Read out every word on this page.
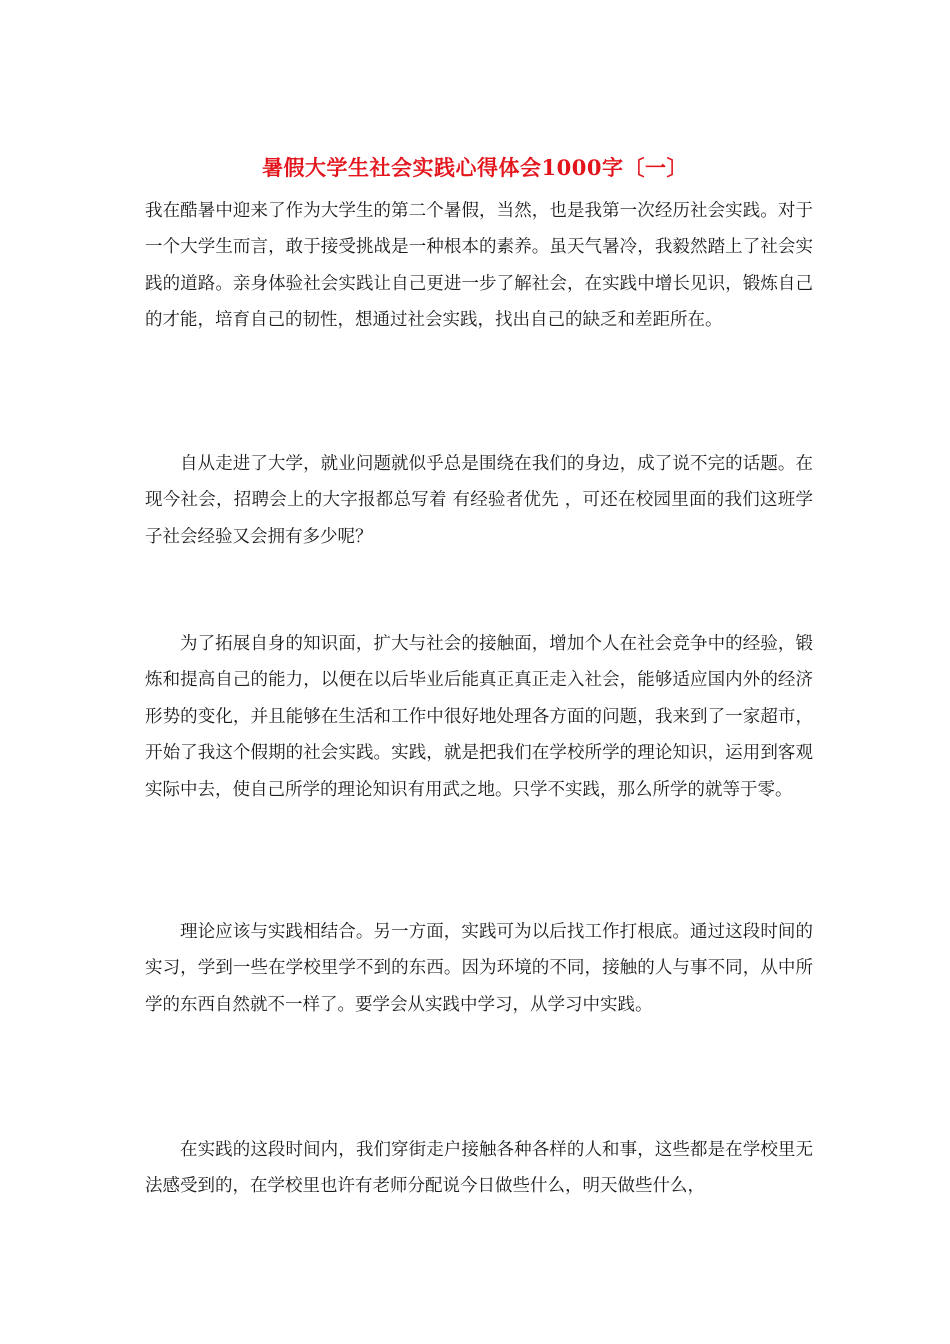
暑假大学生社会实践心得体会1000字〔一〕

我在酷暑中迎来了作为大学生的第二个暑假，当然，也是我第一次经历社会实践。对于一个大学生而言，敢于接受挑战是一种根本的素养。虽天气暑冷，我毅然踏上了社会实践的道路。亲身体验社会实践让自己更进一步了解社会，在实践中增长见识，锻炼自己的才能，培育自己的韧性，想通过社会实践，找出自己的缺乏和差距所在。

自从走进了大学，就业问题就似乎总是围绕在我们的身边，成了说不完的话题。在现今社会，招聘会上的大字报都总写着 有经验者优先 ，可还在校园里面的我们这班学子社会经验又会拥有多少呢？

为了拓展自身的知识面，扩大与社会的接触面，增加个人在社会竞争中的经验，锻炼和提高自己的能力，以便在以后毕业后能真正真正走入社会，能够适应国内外的经济形势的变化，并且能够在生活和工作中很好地处理各方面的问题，我来到了一家超市，开始了我这个假期的社会实践。实践，就是把我们在学校所学的理论知识，运用到客观实际中去，使自己所学的理论知识有用武之地。只学不实践，那么所学的就等于零。

理论应该与实践相结合。另一方面，实践可为以后找工作打根底。通过这段时间的实习，学到一些在学校里学不到的东西。因为环境的不同，接触的人与事不同，从中所学的东西自然就不一样了。要学会从实践中学习，从学习中实践。

在实践的这段时间内，我们穿街走户接触各种各样的人和事，这些都是在学校里无法感受到的，在学校里也许有老师分配说今日做些什么，明天做些什么，
